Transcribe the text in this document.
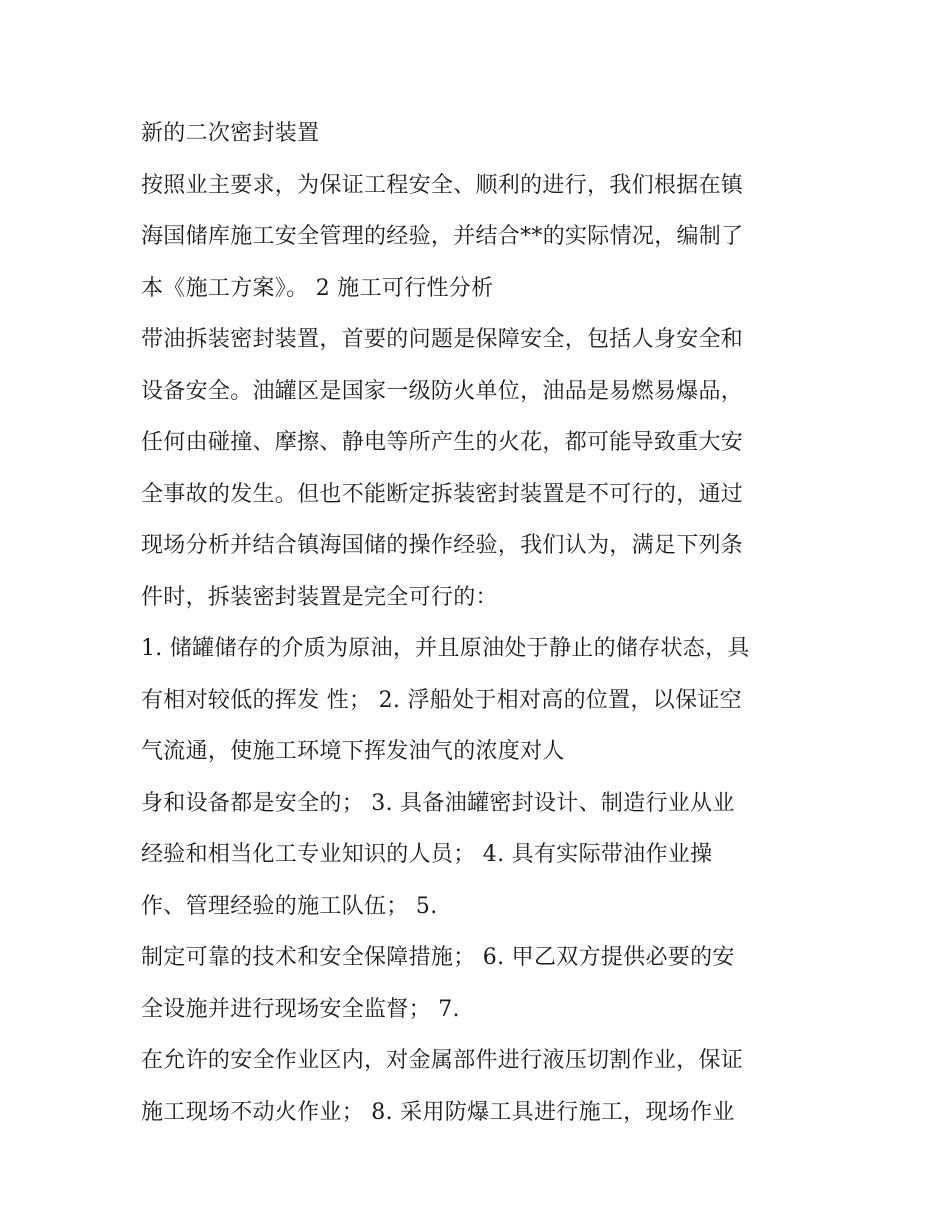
新的二次密封装置
按照业主要求，为保证工程安全、顺利的进行，我们根据在镇
海国储库施工安全管理的经验，并结合**的实际情况，编制了
本《施工方案》。 2 施工可行性分析
带油拆装密封装置，首要的问题是保障安全，包括人身安全和
设备安全。油罐区是国家一级防火单位，油品是易燃易爆品，
任何由碰撞、摩擦、静电等所产生的火花，都可能导致重大安
全事故的发生。但也不能断定拆装密封装置是不可行的，通过
现场分析并结合镇海国储的操作经验，我们认为，满足下列条
件时，拆装密封装置是完全可行的：
1. 储罐储存的介质为原油，并且原油处于静止的储存状态，具
有相对较低的挥发 性； 2. 浮船处于相对高的位置，以保证空
气流通，使施工环境下挥发油气的浓度对人
身和设备都是安全的； 3. 具备油罐密封设计、制造行业从业
经验和相当化工专业知识的人员； 4. 具有实际带油作业操
作、管理经验的施工队伍； 5.
制定可靠的技术和安全保障措施； 6. 甲乙双方提供必要的安
全设施并进行现场安全监督； 7.
在允许的安全作业区内，对金属部件进行液压切割作业，保证
施工现场不动火作业； 8. 采用防爆工具进行施工，现场作业
